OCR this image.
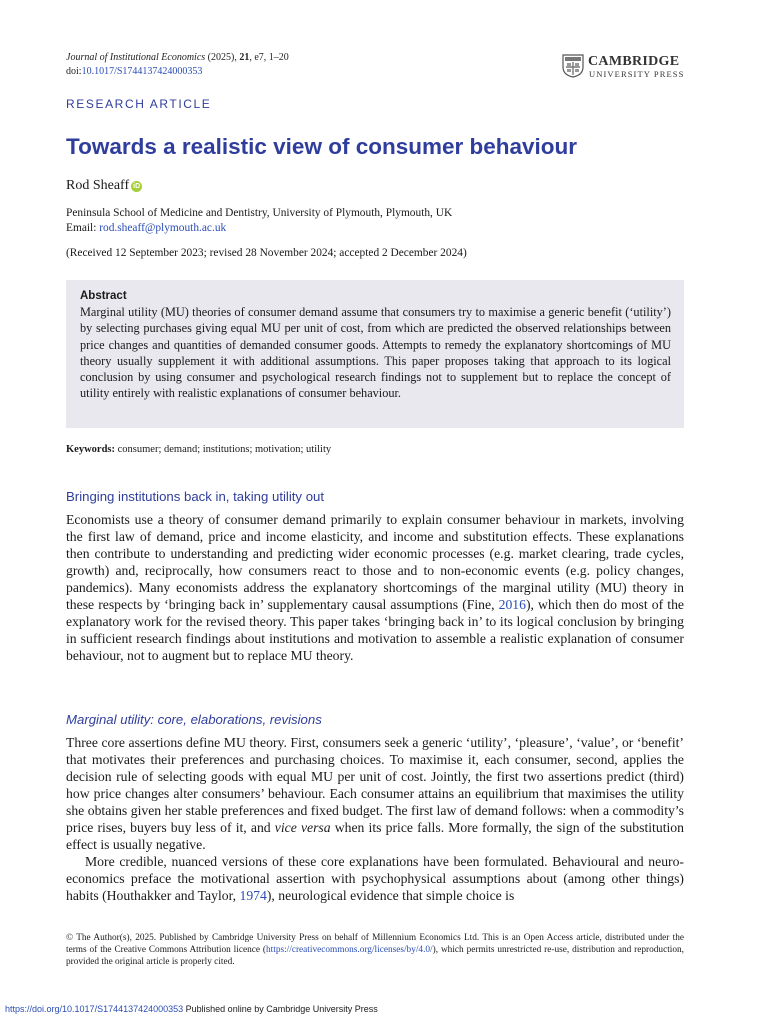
Journal of Institutional Economics (2025), 21, e7, 1–20
doi:10.1017/S1744137424000353
CAMBRIDGE
UNIVERSITY PRESS
RESEARCH ARTICLE
Towards a realistic view of consumer behaviour
Rod Sheaff iD
Peninsula School of Medicine and Dentistry, University of Plymouth, Plymouth, UK
Email: rod.sheaff@plymouth.ac.uk
(Received 12 September 2023; revised 28 November 2024; accepted 2 December 2024)
Abstract
Marginal utility (MU) theories of consumer demand assume that consumers try to maximise a generic benefit (‘utility’) by selecting purchases giving equal MU per unit of cost, from which are predicted the observed relationships between price changes and quantities of demanded consumer goods. Attempts to remedy the explanatory shortcomings of MU theory usually supplement it with additional assumptions. This paper proposes taking that approach to its logical conclusion by using consumer and psychological research findings not to supplement but to replace the concept of utility entirely with realistic explanations of consumer behaviour.
Keywords: consumer; demand; institutions; motivation; utility
Bringing institutions back in, taking utility out
Economists use a theory of consumer demand primarily to explain consumer behaviour in markets, involving the first law of demand, price and income elasticity, and income and substitution effects. These explanations then contribute to understanding and predicting wider economic processes (e.g. market clearing, trade cycles, growth) and, reciprocally, how consumers react to those and to non-economic events (e.g. policy changes, pandemics). Many economists address the explanatory shortcomings of the marginal utility (MU) theory in these respects by ‘bringing back in’ supplementary causal assumptions (Fine, 2016), which then do most of the explanatory work for the revised theory. This paper takes ‘bringing back in’ to its logical conclusion by bringing in sufficient research findings about institutions and motivation to assemble a realistic explanation of consumer behaviour, not to augment but to replace MU theory.
Marginal utility: core, elaborations, revisions
Three core assertions define MU theory. First, consumers seek a generic ‘utility’, ‘pleasure’, ‘value’, or ‘benefit’ that motivates their preferences and purchasing choices. To maximise it, each consumer, second, applies the decision rule of selecting goods with equal MU per unit of cost. Jointly, the first two assertions predict (third) how price changes alter consumers’ behaviour. Each consumer attains an equilibrium that maximises the utility she obtains given her stable preferences and fixed budget. The first law of demand follows: when a commodity’s price rises, buyers buy less of it, and vice versa when its price falls. More formally, the sign of the substitution effect is usually negative.
More credible, nuanced versions of these core explanations have been formulated. Behavioural and neuro-economics preface the motivational assertion with psychophysical assumptions about (among other things) habits (Houthakker and Taylor, 1974), neurological evidence that simple choice is
© The Author(s), 2025. Published by Cambridge University Press on behalf of Millennium Economics Ltd. This is an Open Access article, distributed under the terms of the Creative Commons Attribution licence (https://creativecommons.org/licenses/by/4.0/), which permits unrestricted re-use, distribution and reproduction, provided the original article is properly cited.
https://doi.org/10.1017/S1744137424000353 Published online by Cambridge University Press
